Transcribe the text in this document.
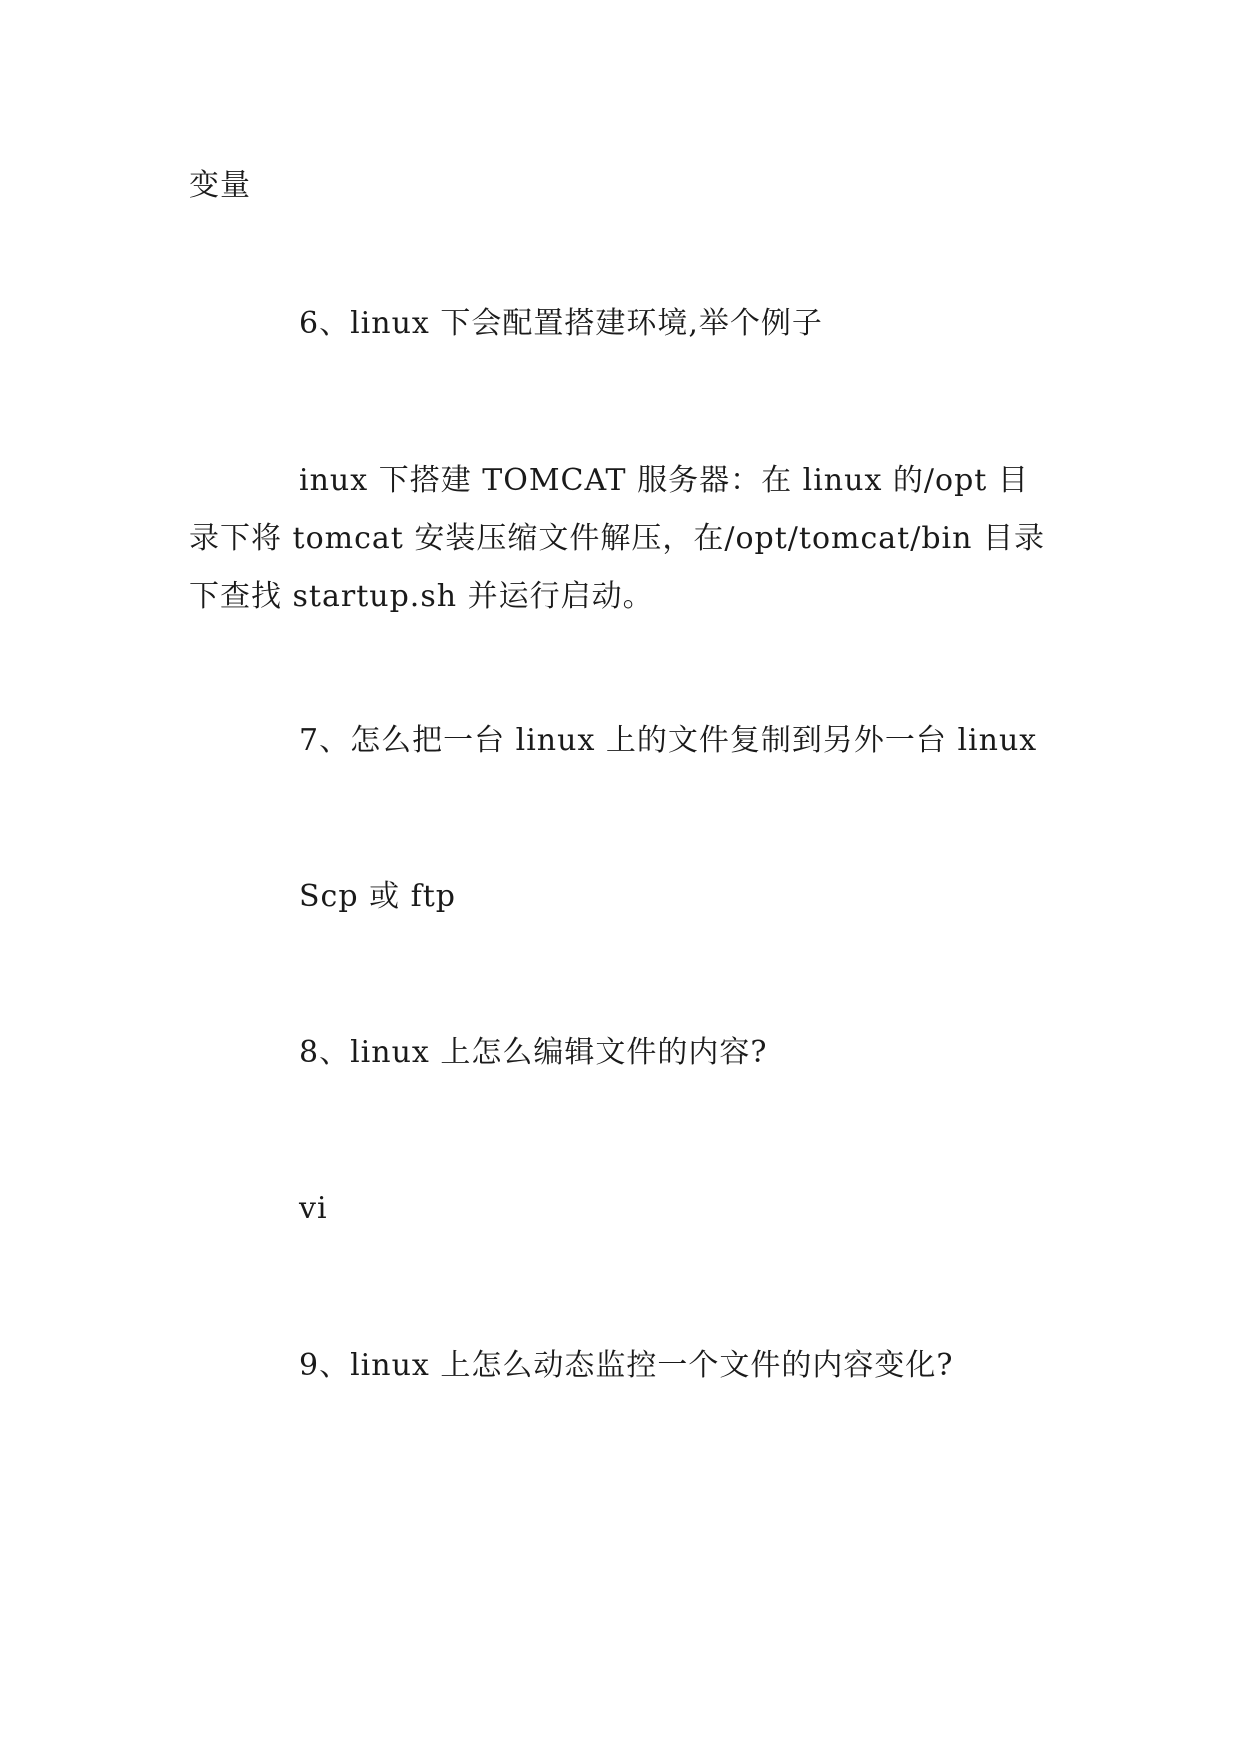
变量
6、linux 下会配置搭建环境,举个例子
inux 下搭建 TOMCAT 服务器：在 linux 的/opt 目录下将 tomcat 安装压缩文件解压，在/opt/tomcat/bin 目录下查找 startup.sh 并运行启动。
7、怎么把一台 linux 上的文件复制到另外一台 linux
Scp 或 ftp
8、linux 上怎么编辑文件的内容?
vi
9、linux 上怎么动态监控一个文件的内容变化?
